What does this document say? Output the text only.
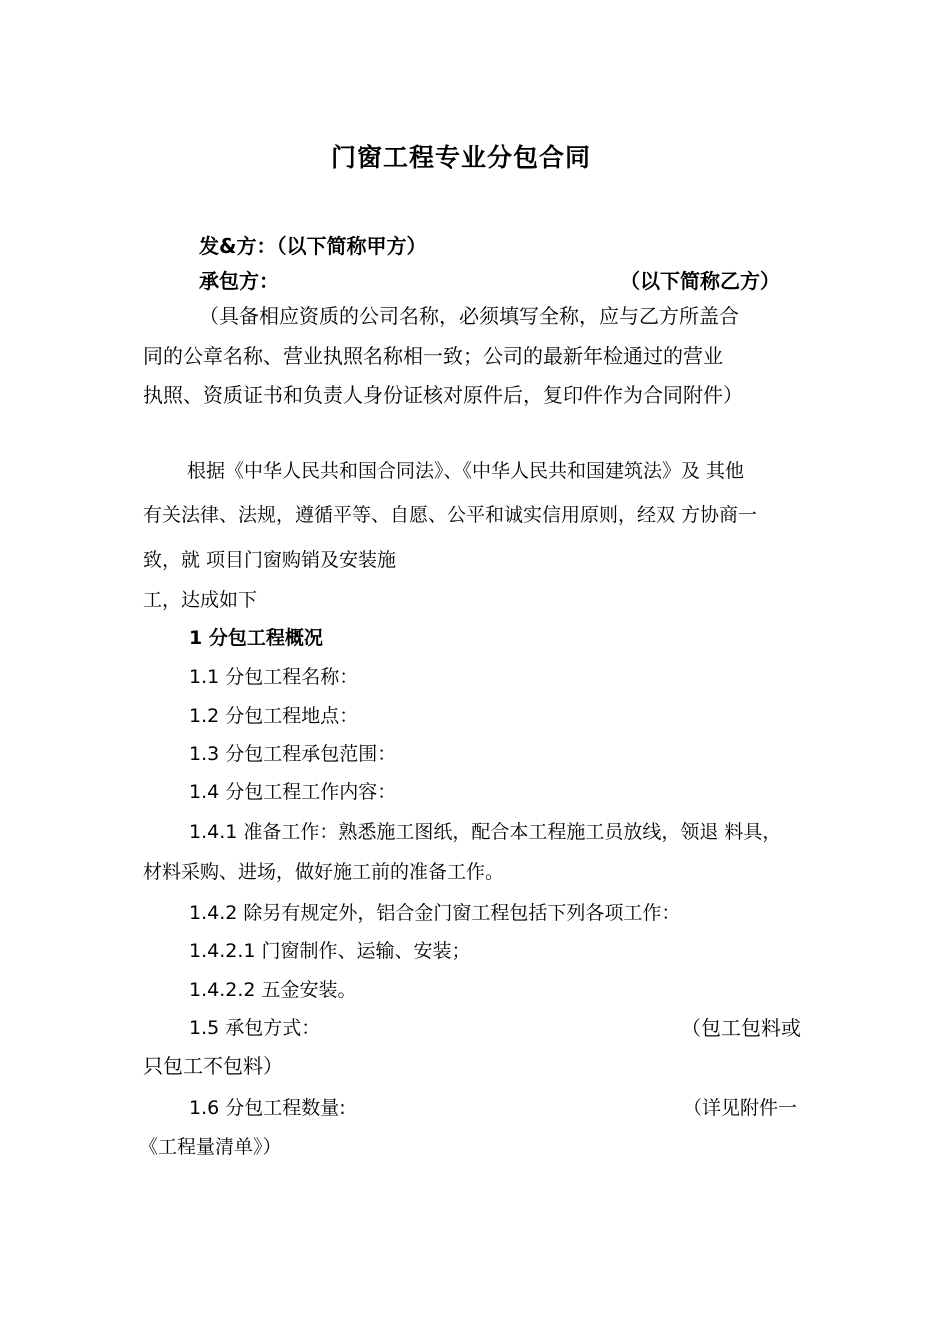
门窗工程专业分包合同

发&方：（以下简称甲方）

承包方：	（以下简称乙方）

（具备相应资质的公司名称，必须填写全称，应与乙方所盖合

同的公章名称、营业执照名称相一致；公司的最新年检通过的营业

执照、资质证书和负责人身份证核对原件后，复印件作为合同附件）

根据《中华人民共和国合同法》、《中华人民共和国建筑法》及 其他

有关法律、法规，遵循平等、自愿、公平和诚实信用原则，经双 方协商一

致，就 项目门窗购销及安装施

工，达成如下

1 分包工程概况

1.1 分包工程名称：

1.2 分包工程地点：

1.3 分包工程承包范围：

1.4 分包工程工作内容：

1.4.1 准备工作：熟悉施工图纸，配合本工程施工员放线，领退 料具，

材料采购、进场，做好施工前的准备工作。

1.4.2 除另有规定外，铝合金门窗工程包括下列各项工作：

1.4.2.1 门窗制作、运输、安装；

1.4.2.2 五金安装。

1.5 承包方式：	（包工包料或

只包工不包料）

1.6 分包工程数量:	（详见附件一

《工程量清单》）
